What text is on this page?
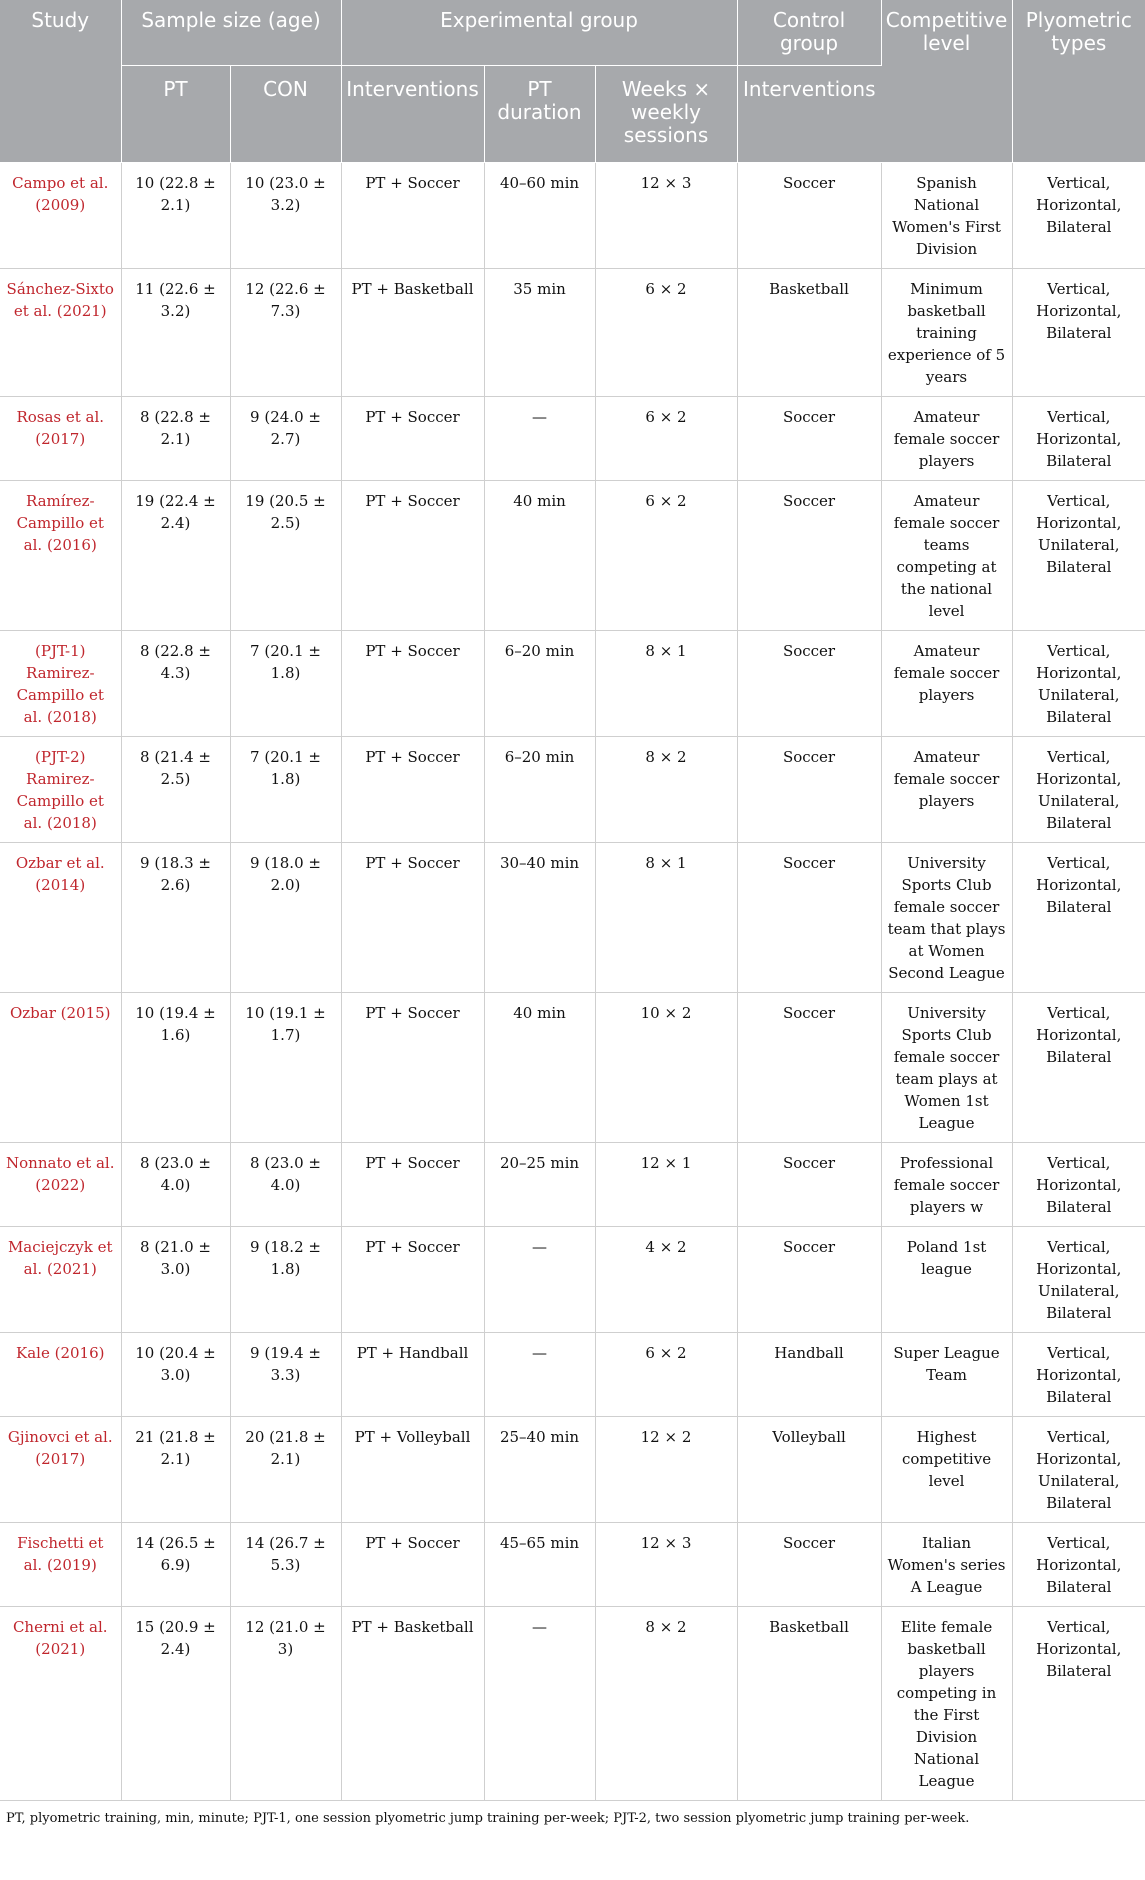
Study	Sample size (age)		Experimental group			Control group	Competitive level	Plyometric types
	PT	CON	Interventions	PT duration	Weeks × weekly sessions	Interventions		
Campo et al. (2009)	10 (22.8 ± 2.1)	10 (23.0 ± 3.2)	PT + Soccer	40–60 min	12 × 3	Soccer	Spanish National Women's First Division	Vertical, Horizontal, Bilateral
Sánchez-Sixto et al. (2021)	11 (22.6 ± 3.2)	12 (22.6 ± 7.3)	PT + Basketball	35 min	6 × 2	Basketball	Minimum basketball training experience of 5 years	Vertical, Horizontal, Bilateral
Rosas et al. (2017)	8 (22.8 ± 2.1)	9 (24.0 ± 2.7)	PT + Soccer	—	6 × 2	Soccer	Amateur female soccer players	Vertical, Horizontal, Bilateral
Ramírez-Campillo et al. (2016)	19 (22.4 ± 2.4)	19 (20.5 ± 2.5)	PT + Soccer	40 min	6 × 2	Soccer	Amateur female soccer teams competing at the national level	Vertical, Horizontal, Unilateral, Bilateral
(PJT-1) Ramirez-Campillo et al. (2018)	8 (22.8 ± 4.3)	7 (20.1 ± 1.8)	PT + Soccer	6–20 min	8 × 1	Soccer	Amateur female soccer players	Vertical, Horizontal, Unilateral, Bilateral
(PJT-2) Ramirez-Campillo et al. (2018)	8 (21.4 ± 2.5)	7 (20.1 ± 1.8)	PT + Soccer	6–20 min	8 × 2	Soccer	Amateur female soccer players	Vertical, Horizontal, Unilateral, Bilateral
Ozbar et al. (2014)	9 (18.3 ± 2.6)	9 (18.0 ± 2.0)	PT + Soccer	30–40 min	8 × 1	Soccer	University Sports Club female soccer team that plays at Women Second League	Vertical, Horizontal, Bilateral
Ozbar (2015)	10 (19.4 ± 1.6)	10 (19.1 ± 1.7)	PT + Soccer	40 min	10 × 2	Soccer	University Sports Club female soccer team plays at Women 1st League	Vertical, Horizontal, Bilateral
Nonnato et al. (2022)	8 (23.0 ± 4.0)	8 (23.0 ± 4.0)	PT + Soccer	20–25 min	12 × 1	Soccer	Professional female soccer players w	Vertical, Horizontal, Bilateral
Maciejczyk et al. (2021)	8 (21.0 ± 3.0)	9 (18.2 ± 1.8)	PT + Soccer	—	4 × 2	Soccer	Poland 1st league	Vertical, Horizontal, Unilateral, Bilateral
Kale (2016)	10 (20.4 ± 3.0)	9 (19.4 ± 3.3)	PT + Handball	—	6 × 2	Handball	Super League Team	Vertical, Horizontal, Bilateral
Gjinovci et al. (2017)	21 (21.8 ± 2.1)	20 (21.8 ± 2.1)	PT + Volleyball	25–40 min	12 × 2	Volleyball	Highest competitive level	Vertical, Horizontal, Unilateral, Bilateral
Fischetti et al. (2019)	14 (26.5 ± 6.9)	14 (26.7 ± 5.3)	PT + Soccer	45–65 min	12 × 3	Soccer	Italian Women's series A League	Vertical, Horizontal, Bilateral
Cherni et al. (2021)	15 (20.9 ± 2.4)	12 (21.0 ± 3)	PT + Basketball	—	8 × 2	Basketball	Elite female basketball players competing in the First Division National League	Vertical, Horizontal, Bilateral
PT, plyometric training, min, minute; PJT-1, one session plyometric jump training per-week; PJT-2, two session plyometric jump training per-week.
